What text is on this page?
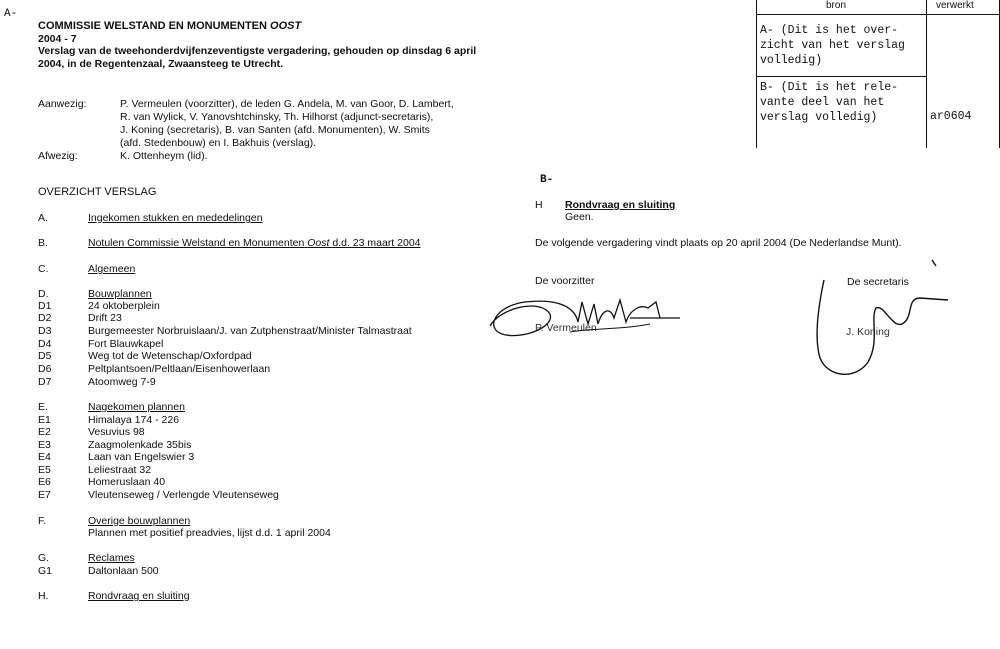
A-
COMMISSIE WELSTAND EN MONUMENTEN OOST
2004 - 7
Verslag van de tweehonderdvijfenzeventigste vergadering, gehouden op dinsdag 6 april
2004, in de Regentenzaal, Zwaansteeg te Utrecht.
Aanwezig:	P. Vermeulen (voorzitter), de leden G. Andela, M. van Goor, D. Lambert,
R. van Wylick, V. Yanovshtchinsky, Th. Hilhorst (adjunct-secretaris),
J. Koning (secretaris), B. van Santen (afd. Monumenten), W. Smits
(afd. Stedenbouw) en I. Bakhuis (verslag).
Afwezig:	K. Ottenheym (lid).
OVERZICHT VERSLAG
A.	Ingekomen stukken en mededelingen
B.	Notulen Commissie Welstand en Monumenten Oost d.d. 23 maart 2004
C.	Algemeen
D.	Bouwplannen
D1	24 oktoberplein
D2	Drift 23
D3	Burgemeester Norbruislaan/J. van Zutphenstraat/Minister Talmastraat
D4	Fort Blauwkapel
D5	Weg tot de Wetenschap/Oxfordpad
D6	Peltplantsoen/Peltlaan/Eisenhowerlaan
D7	Atoomweg 7-9
E.	Nagekomen plannen
E1	Himalaya 174 - 226
E2	Vesuvius 98
E3	Zaagmolenkade 35bis
E4	Laan van Engelswier 3
E5	Leliestraat 32
E6	Homeruslaan 40
E7	Vleutenseweg / Verlengde Vleutenseweg
F.	Overige bouwplannen
Plannen met positief preadvies, lijst d.d. 1 april 2004
G.	Reclames
G1	Daltonlaan 500
H.	Rondvraag en sluiting
B-
H Rondvraag en sluiting
Geen.
De volgende vergadering vindt plaats op 20 april 2004 (De Nederlandse Munt).
De voorzitter
P. Vermeulen
De secretaris
J. Koning
bron	verwerkt
A- (Dit is het over-
zicht van het verslag
volledig)
B- (Dit is het rele-
vante deel van het
verslag volledig)	ar0604
